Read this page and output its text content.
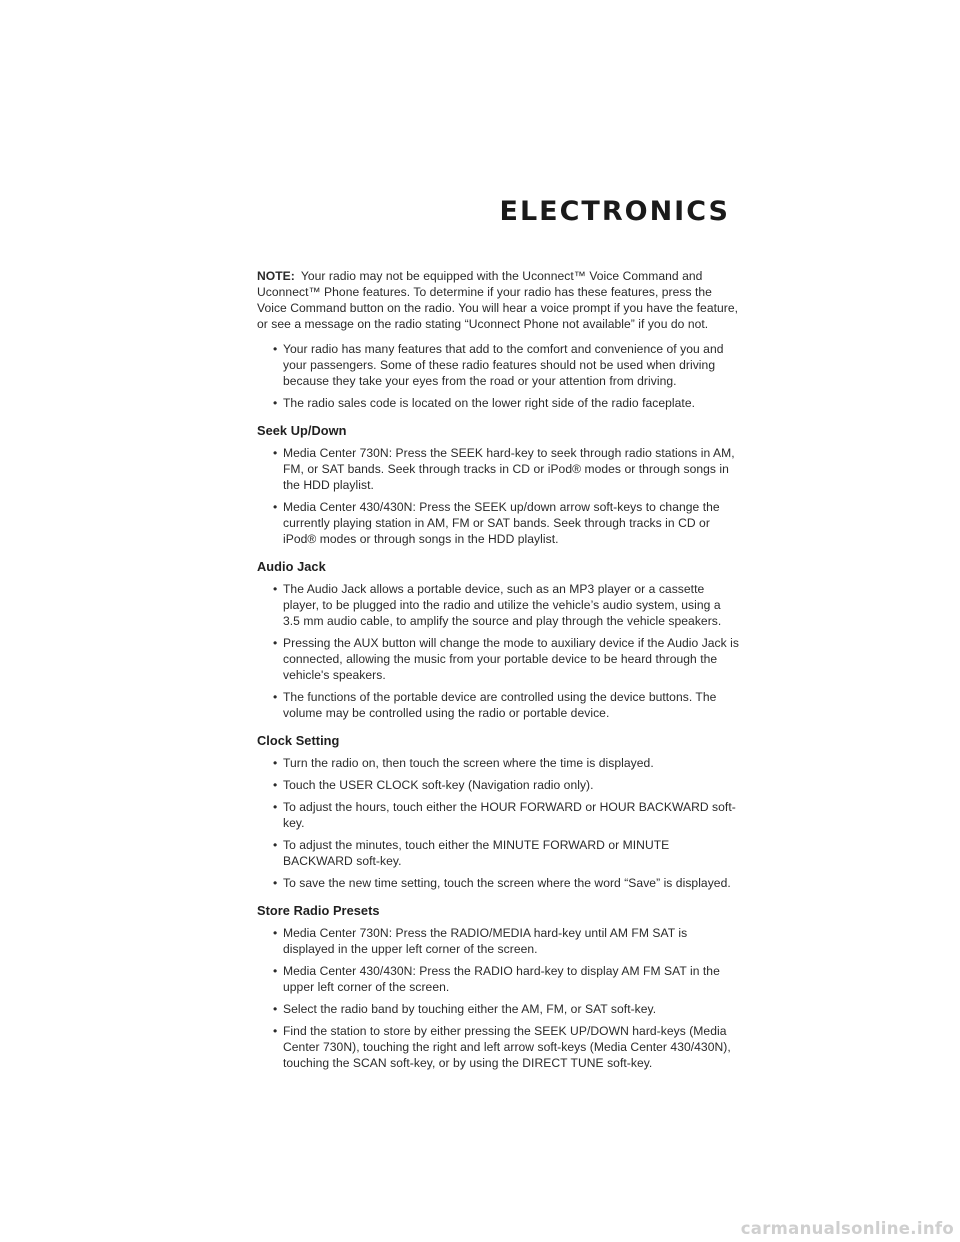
ELECTRONICS

NOTE: Your radio may not be equipped with the Uconnect™ Voice Command and Uconnect™ Phone features. To determine if your radio has these features, press the Voice Command button on the radio. You will hear a voice prompt if you have the feature, or see a message on the radio stating “Uconnect Phone not available” if you do not.

• Your radio has many features that add to the comfort and convenience of you and your passengers. Some of these radio features should not be used when driving because they take your eyes from the road or your attention from driving.
• The radio sales code is located on the lower right side of the radio faceplate.
Seek Up/Down
• Media Center 730N: Press the SEEK hard-key to seek through radio stations in AM, FM, or SAT bands. Seek through tracks in CD or iPod® modes or through songs in the HDD playlist.
• Media Center 430/430N: Press the SEEK up/down arrow soft-keys to change the currently playing station in AM, FM or SAT bands. Seek through tracks in CD or iPod® modes or through songs in the HDD playlist.
Audio Jack
• The Audio Jack allows a portable device, such as an MP3 player or a cassette player, to be plugged into the radio and utilize the vehicle’s audio system, using a 3.5 mm audio cable, to amplify the source and play through the vehicle speakers.
• Pressing the AUX button will change the mode to auxiliary device if the Audio Jack is connected, allowing the music from your portable device to be heard through the vehicle's speakers.
• The functions of the portable device are controlled using the device buttons. The volume may be controlled using the radio or portable device.
Clock Setting
• Turn the radio on, then touch the screen where the time is displayed.
• Touch the USER CLOCK soft-key (Navigation radio only).
• To adjust the hours, touch either the HOUR FORWARD or HOUR BACKWARD soft-key.
• To adjust the minutes, touch either the MINUTE FORWARD or MINUTE BACKWARD soft-key.
• To save the new time setting, touch the screen where the word “Save” is displayed.
Store Radio Presets
• Media Center 730N: Press the RADIO/MEDIA hard-key until AM FM SAT is displayed in the upper left corner of the screen.
• Media Center 430/430N: Press the RADIO hard-key to display AM FM SAT in the upper left corner of the screen.
• Select the radio band by touching either the AM, FM, or SAT soft-key.
• Find the station to store by either pressing the SEEK UP/DOWN hard-keys (Media Center 730N), touching the right and left arrow soft-keys (Media Center 430/430N), touching the SCAN soft-key, or by using the DIRECT TUNE soft-key.
carmanualsonline.info
